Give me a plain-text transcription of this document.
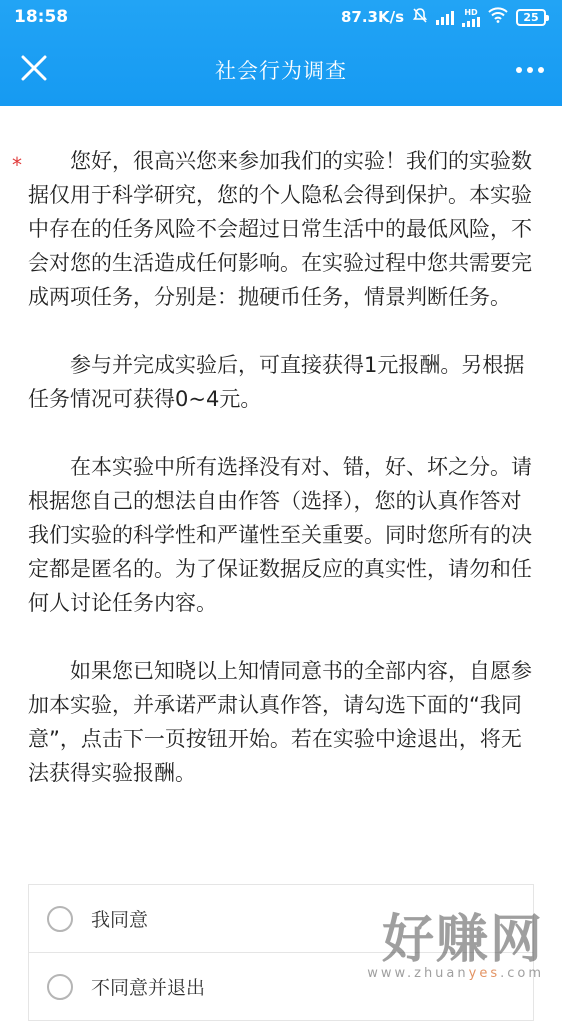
18:58	87.3K/s	HD	25
社会行为调查

* 您好，很高兴您来参加我们的实验！我们的实验数据仅用于科学研究，您的个人隐私会得到保护。本实验中存在的任务风险不会超过日常生活中的最低风险，不会对您的生活造成任何影响。在实验过程中您共需要完成两项任务，分别是：抛硬币任务，情景判断任务。

参与并完成实验后，可直接获得1元报酬。另根据任务情况可获得0~4元。

在本实验中所有选择没有对、错，好、坏之分。请根据您自己的想法自由作答（选择），您的认真作答对我们实验的科学性和严谨性至关重要。同时您所有的决定都是匿名的。为了保证数据反应的真实性，请勿和任何人讨论任务内容。

如果您已知晓以上知情同意书的全部内容，自愿参加本实验，并承诺严肃认真作答，请勾选下面的“我同意”，点击下一页按钮开始。若在实验中途退出，将无法获得实验报酬。

我同意
不同意并退出
好赚网
www.zhuanyes.com
